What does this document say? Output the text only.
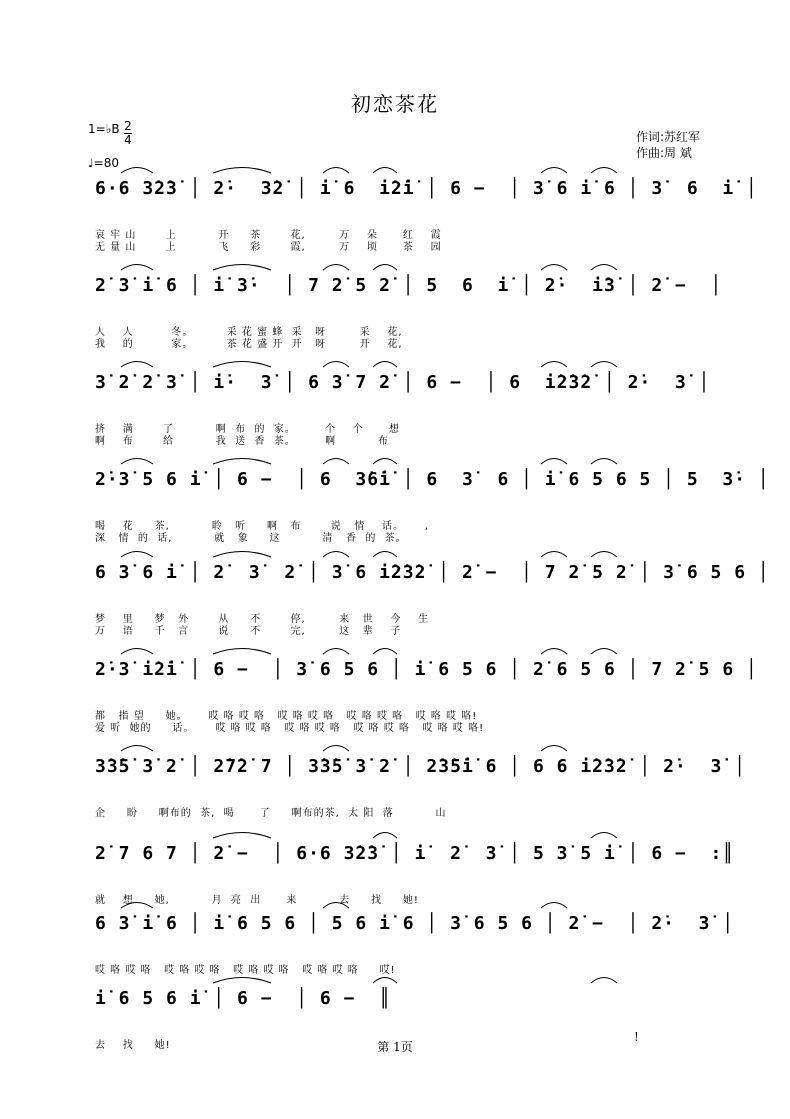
初恋茶花
1=♭B 2
4
♩=80
作词:苏红军
作曲:周 斌
6·6 3̇2̇3̇ │ 2̇·  3̇2̇ │ i̇ 6  i̇2̇i̇ │ 6 −  │ 3̇ 6 i̇ 6 │ 3̇  6  i̇ │
哀 牢 山       上          开     茶       花,        万    朵      红    霞
无 量 山       上          飞     彩       霞,        万    顷      茶    园
2̇ 3̇ i̇ 6 │ i̇ 3̇·  │ 7 2̇ 5 2̇ │ 5  6  i̇ │ 2̇·  i̇3̇ │ 2̇ −  │
人    人         冬。        采 花 蜜 蜂  采   呀        采    花,
我    的         家。        茶 花 盛 开  开   呀        开    花,
3̇ 2̇ 2̇ 3̇ │ i̇·  3̇ │ 6 3̇ 7 2̇ │ 6 −  │ 6  i̇2̇3̇2̇ │ 2̇·  3̇ │
挤    满       了          啊  布  的  家。       个    个      想
啊    布       给          我  送  香  茶。       啊          布
2̇·3̇ 5 6 i̇ │ 6 −  │ 6  3̇6̇i̇ │ 6  3̇  6 │ i̇ 6 5 6 5 │ 5  3̇· │
喝    花     茶,          聆   听     啊   布       说   情    话。     ,
深   情  的  话,          就   象     这          清   香  的  茶。
6 3̇ 6 i̇ │ 2̇  3̇  2̇ │ 3̇ 6 i̇2̇3̇2̇ │ 2̇ −  │ 7 2̇ 5 2̇ │ 3̇ 6 5 6 │
梦    里     梦   外       从     不       停,        来   世    今    生
万    语     千   言       说     不       完,        这   辈    子
2̇·3̇ i̇2̇i̇ │ 6 −  │ 3̇ 6 5 6 │ i̇ 6 5 6 │ 2̇ 6 5 6 │ 7 2̇ 5 6 │
都   指 望     她。     哎 咯 哎 咯   哎 咯 哎 咯   哎 咯 哎 咯   哎 咯 哎 咯!
爱 听  她的     话。     哎 咯 哎 咯   哎 咯 哎 咯   哎 咯 哎 咯   哎 咯 哎 咯!
3̇3̇5̇ 3̇ 2̇ │ 2̇7̇2̇ 7 │ 3̇3̇5̇ 3̇ 2̇ │ 2̇3̇5̇i̇ 6 │ 6 6 i̇2̇3̇2̇ │ 2̇·  3̇ │
企     盼     啊布的  茶,  喝      了     啊布的茶,  太 阳  落          山
2̇ 7 6 7 │ 2̇ −  │ 6·6 3̇2̇3̇ │ i̇  2̇  3̇ │ 5 3̇ 5 i̇ │ 6 −  :║
就    想     她,          月  亮  出      来          去     找     她!
6 3̇ i̇ 6 │ i̇ 6 5 6 │ 5 6 i̇ 6 │ 3̇ 6 5 6 │ 2̇ −  │ 2̇·  3̇ │
哎 咯 哎 咯   哎 咯 哎 咯   哎 咯 哎 咯   哎 咯 哎 咯     哎!
i̇ 6 5 6 i̇ │ 6 −  │ 6 −  ║
去    找     她!
!
第 1页
